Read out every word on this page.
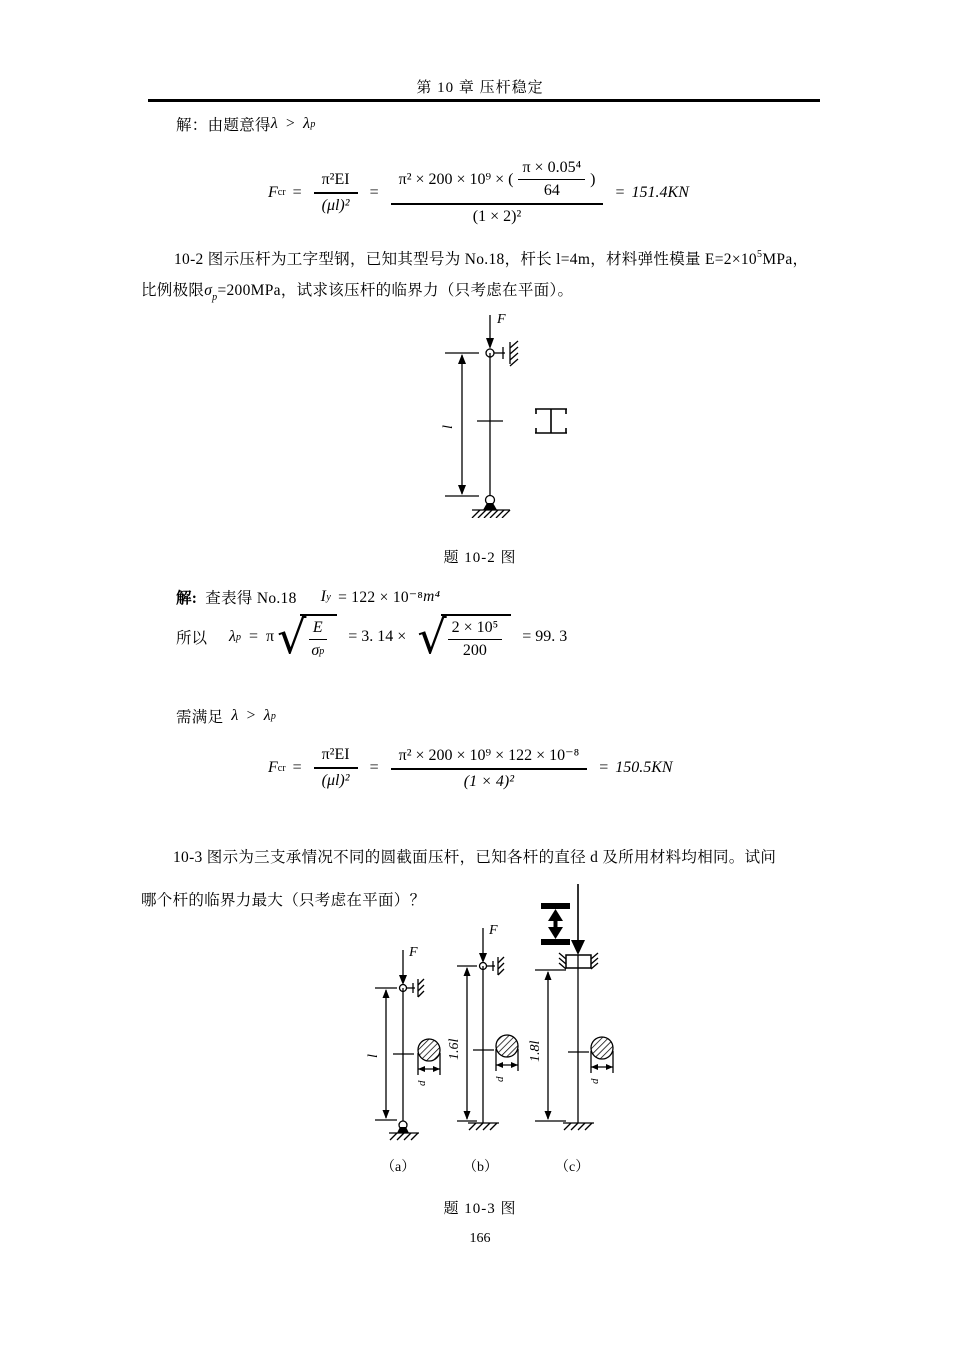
第 10 章 压杆稳定
解：由题意得 λ > λ p
F cr = $\frac{\text{π²EI}}{\text{(μl)²}}$ =
π² × 200 × 10⁹ × ( $\frac{\text{π × 0.05⁴}}{64}$ )
(1 × 2)²
= 151.4KN
10-2 图示压杆为工字型钢，已知其型号为 No.18，杆长 l=4m，材料弹性模量 $E=2\times 10^5MPa$，
比例极限$\sigma_p=200MPa$，试求该压杆的临界力（只考虑在平面）。
F
l
题 10-2 图
解: 查表得 No.18 I y = 122 × 10⁻⁸ m⁴
所以 λ p = π √ $\frac{E}{\text{σ p}} = 3$. 14 × √ $\frac{\text{2 × 10⁵}}{200} = 99$. 3
需满足 λ > λ p
F cr = $\frac{\text{π²EI}}{\text{(μl)²}} = \frac{\text{π² × 200 × 10⁹ × 122 × 10⁻⁸}}{\text{(1 × 4)²}} = 150.5KN$
10-3 图示为三支承情况不同的圆截面压杆，已知各杆的直径 d 及所用材料均相同。试问
哪个杆的临界力最大（只考虑在平面）？
F
l
d
（a）
F
1.6l
d
（b）
1.8l
d
（c）
题 10-3 图
166
